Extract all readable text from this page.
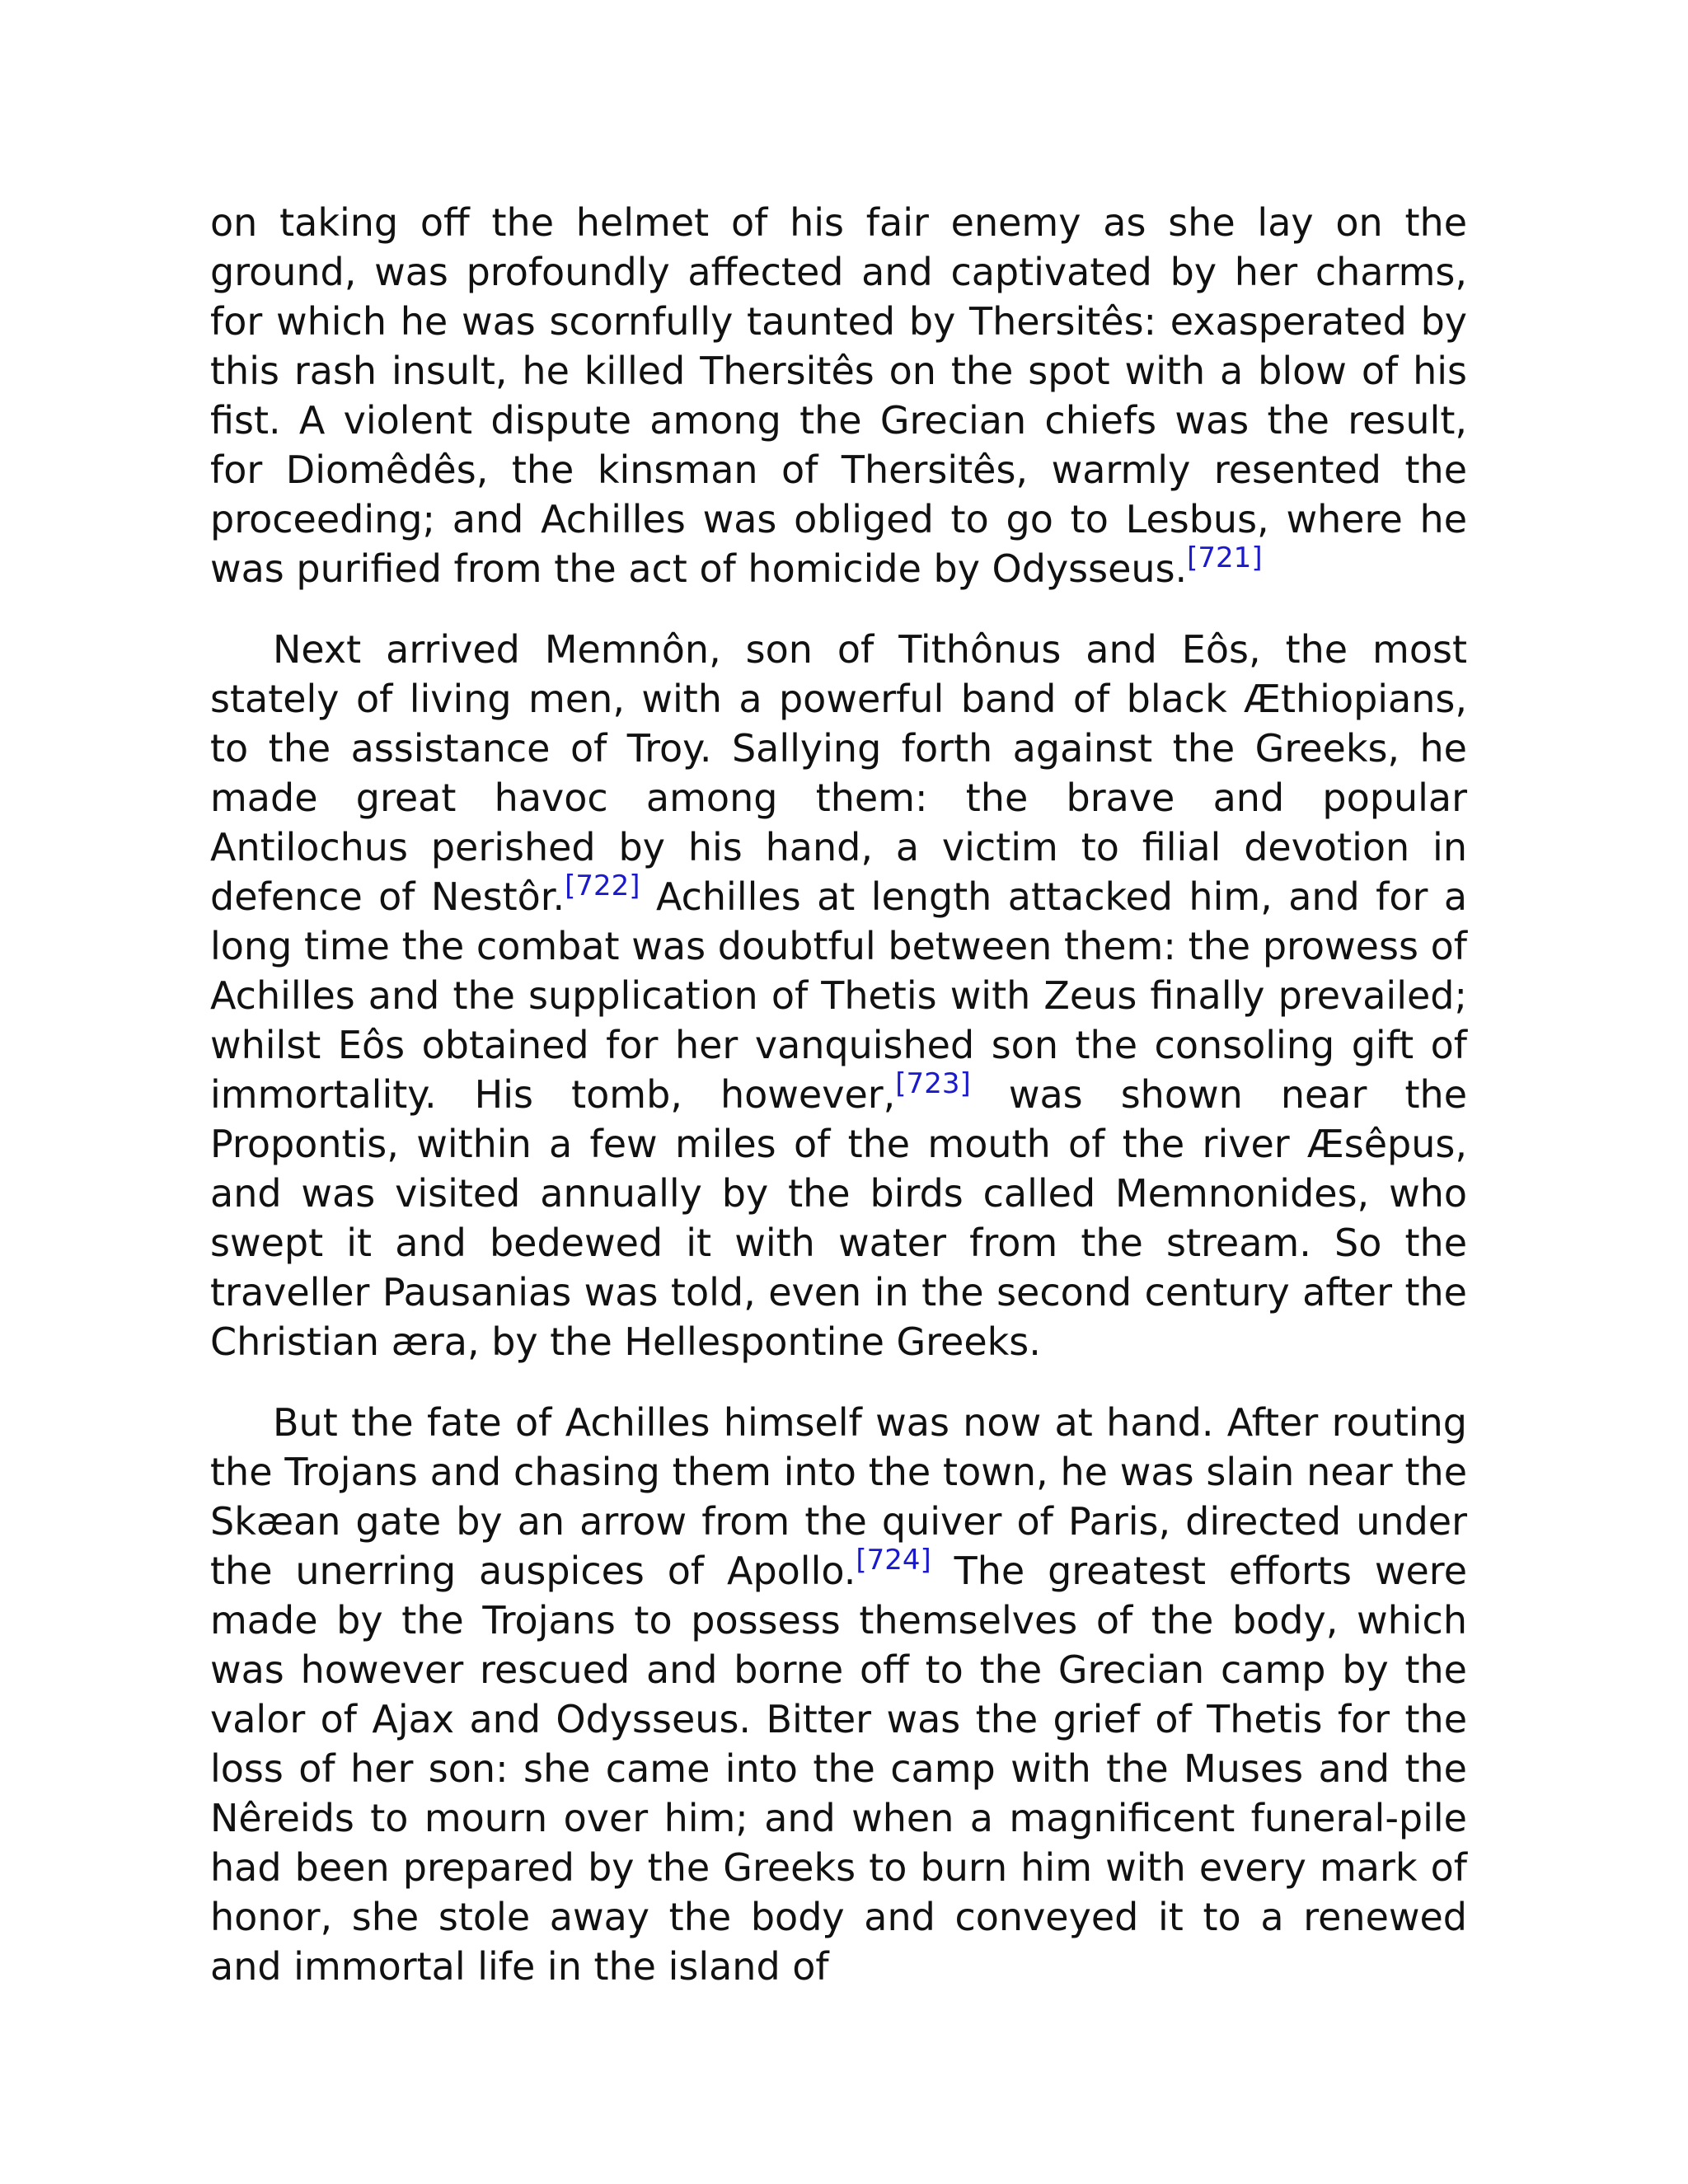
on taking off the helmet of his fair enemy as she lay on the ground, was profoundly affected and captivated by her charms, for which he was scornfully taunted by Thersitês: exasperated by this rash insult, he killed Thersitês on the spot with a blow of his fist. A violent dispute among the Grecian chiefs was the result, for Diomêdês, the kinsman of Thersitês, warmly resented the proceeding; and Achilles was obliged to go to Lesbus, where he was purified from the act of homicide by Odysseus.[721]

Next arrived Memnôn, son of Tithônus and Eôs, the most stately of living men, with a powerful band of black Æthiopians, to the assistance of Troy. Sallying forth against the Greeks, he made great havoc among them: the brave and popular Antilochus perished by his hand, a victim to filial devotion in defence of Nestôr.[722] Achilles at length attacked him, and for a long time the combat was doubtful between them: the prowess of Achilles and the supplication of Thetis with Zeus finally prevailed; whilst Eôs obtained for her vanquished son the consoling gift of immortality. His tomb, however,[723] was shown near the Propontis, within a few miles of the mouth of the river Æsêpus, and was visited annually by the birds called Memnonides, who swept it and bedewed it with water from the stream. So the traveller Pausanias was told, even in the second century after the Christian æra, by the Hellespontine Greeks.

But the fate of Achilles himself was now at hand. After routing the Trojans and chasing them into the town, he was slain near the Skæan gate by an arrow from the quiver of Paris, directed under the unerring auspices of Apollo.[724] The greatest efforts were made by the Trojans to possess themselves of the body, which was however rescued and borne off to the Grecian camp by the valor of Ajax and Odysseus. Bitter was the grief of Thetis for the loss of her son: she came into the camp with the Muses and the Nêreids to mourn over him; and when a magnificent funeral-pile had been prepared by the Greeks to burn him with every mark of honor, she stole away the body and conveyed it to a renewed and immortal life in the island of
